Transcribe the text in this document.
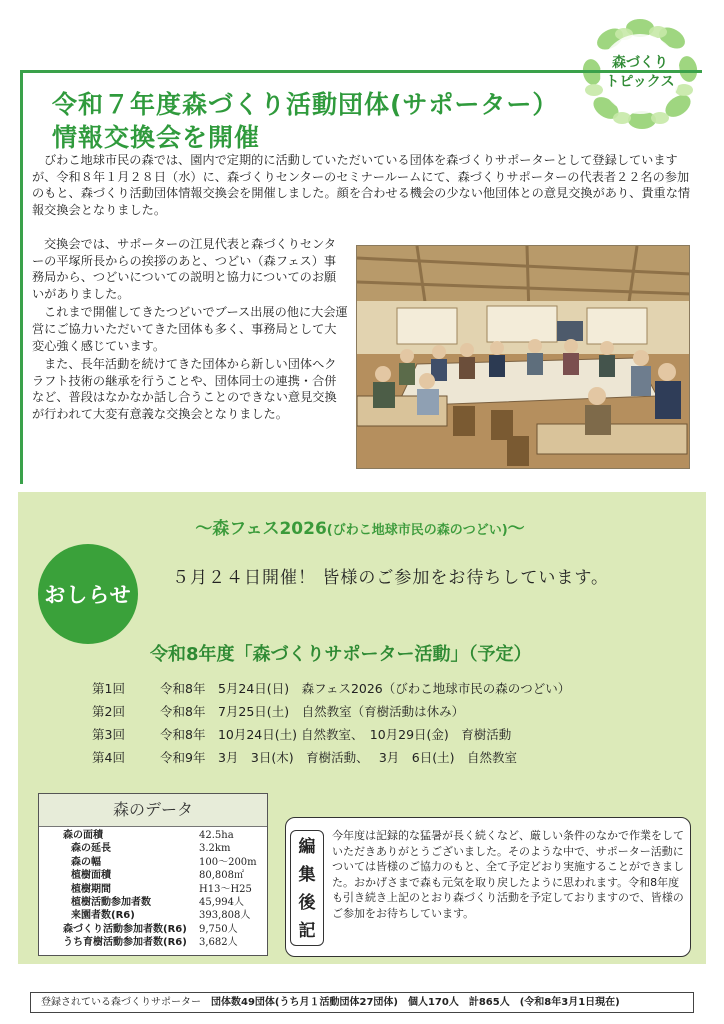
森づくり
トピックス
令和７年度森づくり活動団体(サポーター）
情報交換会を開催
びわこ地球市民の森では、園内で定期的に活動していただいている団体を森づくりサポーターとして登録していますが、令和８年１月２８日（水）に、森づくりセンターのセミナールームにて、森づくりサポーターの代表者２２名の参加のもと、森づくり活動団体情報交換会を開催しました。顔を合わせる機会の少ない他団体との意見交換があり、貴重な情報交換会となりました。

交換会では、サポーターの江見代表と森づくりセンターの平塚所長からの挨拶のあと、つどい（森フェス）事務局から、つどいについての説明と協力についてのお願いがありました。

これまで開催してきたつどいでブース出展の他に大会運営にご協力いただいてきた団体も多く、事務局として大変心強く感じています。

また、長年活動を続けてきた団体から新しい団体へクラフト技術の継承を行うことや、団体同士の連携・合併など、普段はなかなか話し合うことのできない意見交換が行われて大変有意義な交換会となりました。

～森フェス2026(びわこ地球市民の森のつどい)～
おしらせ
５月２４日開催！ 皆様のご参加をお待ちしています。
令和8年度「森づくりサポーター活動」（予定）
第1回	令和8年　5月24日(日)　森フェス2026（びわこ地球市民の森のつどい）
第2回	令和8年　7月25日(土)　自然教室（育樹活動は休み）
第3回	令和8年　10月24日(土) 自然教室、　10月29日(金)　育樹活動
第4回	令和9年　3月　3日(木)　育樹活動、　 3月　6日(土)　自然教室
森のデータ
森の面積	42.5ha
森の延長	3.2km
森の幅	100～200m
植樹面積	80,808㎡
植樹期間	H13～H25
植樹活動参加者数	45,994人
来園者数(R6)	393,808人
森づくり活動参加者数(R6)	9,750人
うち育樹活動参加者数(R6)	3,682人
編集後記
今年度は記録的な猛暑が長く続くなど、厳しい条件のなかで作業をしていただきありがとうございました。そのような中で、サポーター活動については皆様のご協力のもと、全て予定どおり実施することができました。おかげさまで森も元気を取り戻したように思われます。令和8年度も引き続き上記のとおり森づくり活動を予定しておりますので、皆様のご参加をお待ちしています。
登録されている森づくりサポーター　 団体数49団体(うち月１活動団体27団体)　個人170人　計865人　(令和8年3月1日現在)
